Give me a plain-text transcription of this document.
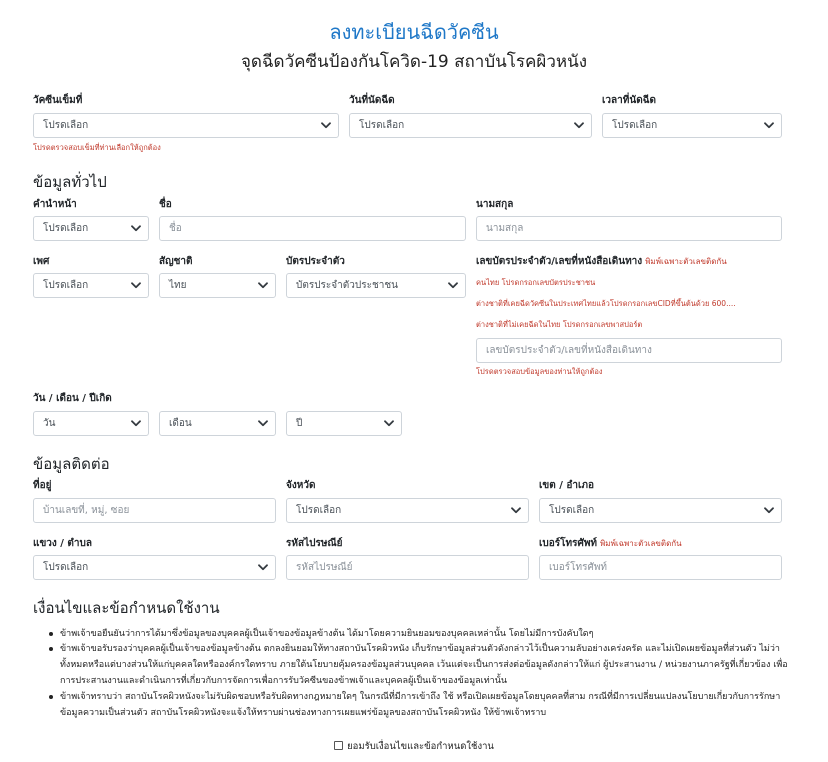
ลงทะเบียนฉีดวัคซีน
จุดฉีดวัคซีนป้องกันโควิด-19 สถาบันโรคผิวหนัง
วัคซีนเข็มที่
โปรดเลือก
โปรดตรวจสอบเข็มที่ท่านเลือกให้ถูกต้อง
วันที่นัดฉีด
โปรดเลือก
เวลาที่นัดฉีด
โปรดเลือก
ข้อมูลทั่วไป
คำนำหน้า
โปรดเลือก
ชื่อ
ชื่อ
นามสกุล
นามสกุล
เพศ
โปรดเลือก
สัญชาติ
ไทย
บัตรประจำตัว
บัตรประจำตัวประชาชน
เลขบัตรประจำตัว/เลขที่หนังสือเดินทาง พิมพ์เฉพาะตัวเลขติดกัน
คนไทย โปรดกรอกเลขบัตรประชาชน
ต่างชาติที่เคยฉีดวัคซีนในประเทศไทยแล้วโปรดกรอกเลขCIDที่ขึ้นต้นด้วย 600....
ต่างชาติที่ไม่เคยฉีดในไทย โปรดกรอกเลขพาสปอร์ต
เลขบัตรประจำตัว/เลขที่หนังสือเดินทาง
โปรดตรวจสอบข้อมูลของท่านให้ถูกต้อง
วัน / เดือน / ปีเกิด
วัน	เดือน	ปี
ข้อมูลติดต่อ
ที่อยู่
บ้านเลขที่, หมู่, ซอย
จังหวัด
โปรดเลือก
เขต / อำเภอ
โปรดเลือก
แขวง / ตำบล
โปรดเลือก
รหัสไปรษณีย์
รหัสไปรษณีย์
เบอร์โทรศัพท์ พิมพ์เฉพาะตัวเลขติดกัน
เบอร์โทรศัพท์
เงื่อนไขและข้อกำหนดใช้งาน
ข้าพเจ้าขอยืนยันว่าการได้มาซึ่งข้อมูลของบุคคลผู้เป็นเจ้าของข้อมูลข้างต้น ได้มาโดยความยินยอมของบุคคลเหล่านั้น โดยไม่มีการบังคับใดๆ
ข้าพเจ้าขอรับรองว่าบุคคลผู้เป็นเจ้าของข้อมูลข้างต้น ตกลงยินยอมให้ทางสถาบันโรคผิวหนัง เก็บรักษาข้อมูลส่วนตัวดังกล่าวไว้เป็นความลับอย่างเคร่งครัด และไม่เปิดเผยข้อมูลที่ส่วนตัว ไม่ว่าทั้งหมดหรือแต่บางส่วนให้แก่บุคคลใดหรือองค์กรใดทราบ ภายใต้นโยบายคุ้มครองข้อมูลส่วนบุคคล เว้นแต่จะเป็นการส่งต่อข้อมูลดังกล่าวให้แก่ ผู้ประสานงาน / หน่วยงานภาครัฐที่เกี่ยวข้อง เพื่อการประสานงานและดำเนินการที่เกี่ยวกับการจัดการเพื่อการรับวัคซีนของข้าพเจ้าและบุคคลผู้เป็นเจ้าของข้อมูลเท่านั้น
ข้าพเจ้าทราบว่า สถาบันโรคผิวหนังจะไม่รับผิดชอบหรือรับผิดทางกฎหมายใดๆ ในกรณีที่มีการเข้าถึง ใช้ หรือเปิดเผยข้อมูลโดยบุคคลที่สาม กรณีที่มีการเปลี่ยนแปลงนโยบายเกี่ยวกับการรักษาข้อมูลความเป็นส่วนตัว สถาบันโรคผิวหนังจะแจ้งให้ทราบผ่านช่องทางการเผยแพร่ข้อมูลของสถาบันโรคผิวหนัง ให้ข้าพเจ้าทราบ
ยอมรับเงื่อนไขและข้อกำหนดใช้งาน
